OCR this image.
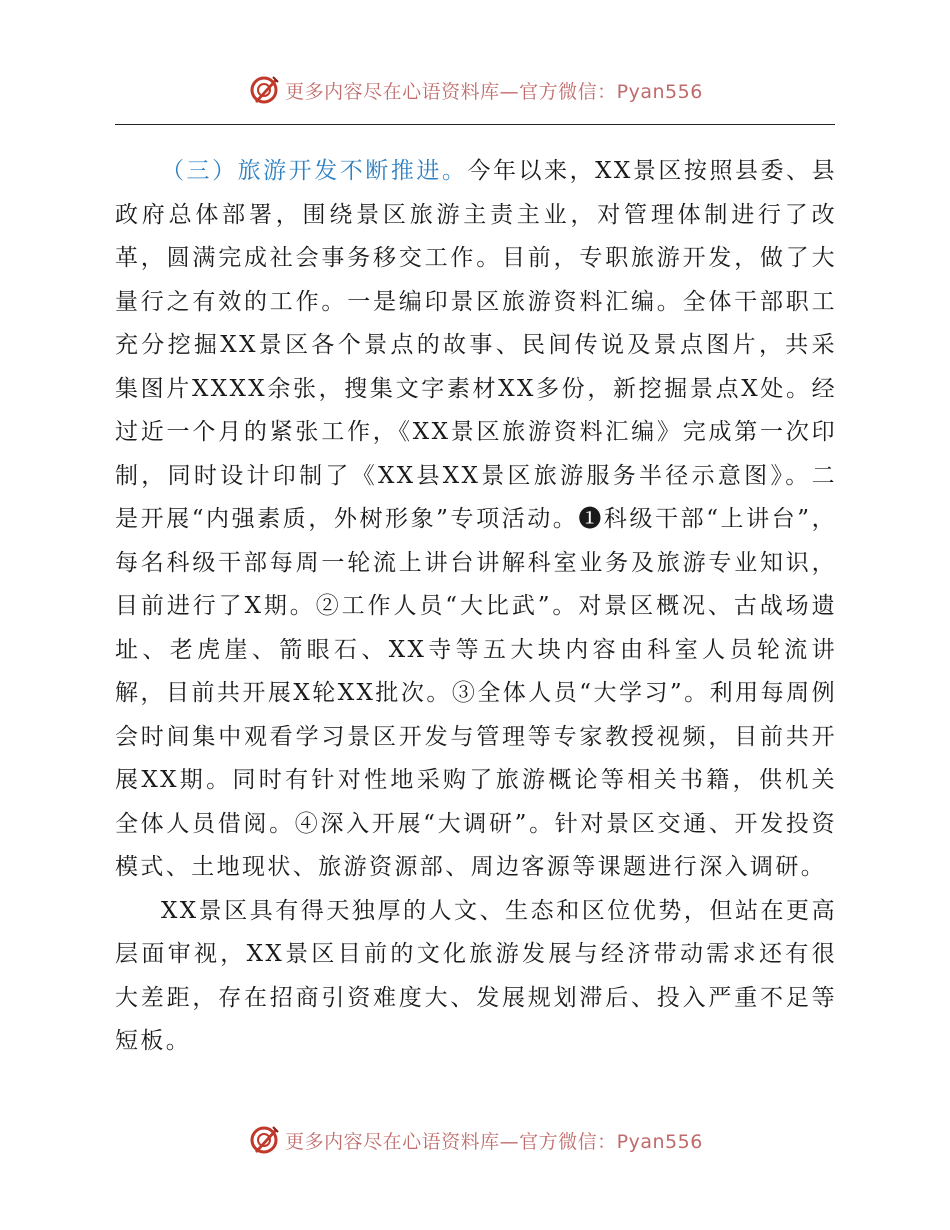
更多内容尽在心语资料库—官方微信：Pyan556

（三）旅游开发不断推进。今年以来，XX景区按照县委、县政府总体部署，围绕景区旅游主责主业，对管理体制进行了改革，圆满完成社会事务移交工作。目前，专职旅游开发，做了大量行之有效的工作。一是编印景区旅游资料汇编。全体干部职工充分挖掘XX景区各个景点的故事、民间传说及景点图片，共采集图片XXXX余张，搜集文字素材XX多份，新挖掘景点X处。经过近一个月的紧张工作，《XX景区旅游资料汇编》完成第一次印制，同时设计印制了《XX县XX景区旅游服务半径示意图》。二是开展“内强素质，外树形象”专项活动。❶科级干部“上讲台”，每名科级干部每周一轮流上讲台讲解科室业务及旅游专业知识，目前进行了X期。②工作人员“大比武”。对景区概况、古战场遗址、老虎崖、箭眼石、XX寺等五大块内容由科室人员轮流讲解，目前共开展X轮XX批次。③全体人员“大学习”。利用每周例会时间集中观看学习景区开发与管理等专家教授视频，目前共开展XX期。同时有针对性地采购了旅游概论等相关书籍，供机关全体人员借阅。④深入开展“大调研”。针对景区交通、开发投资模式、土地现状、旅游资源部、周边客源等课题进行深入调研。

XX景区具有得天独厚的人文、生态和区位优势，但站在更高层面审视，XX景区目前的文化旅游发展与经济带动需求还有很大差距，存在招商引资难度大、发展规划滞后、投入严重不足等短板。

更多内容尽在心语资料库—官方微信：Pyan556
